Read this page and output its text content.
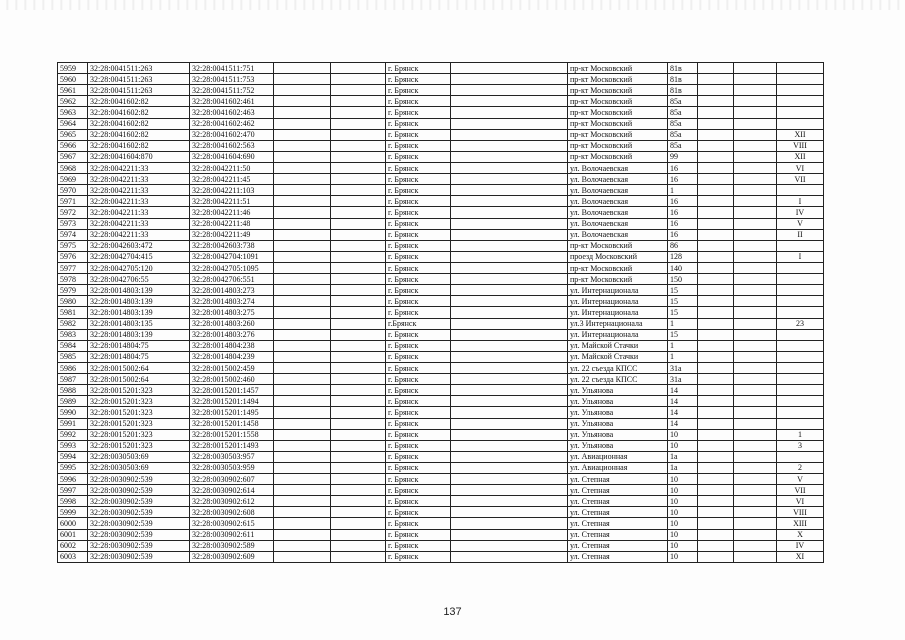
5959	32:28:0041511:263	32:28:0041511:751			г. Брянск		пр-кт Московский	81в			
5960	32:28:0041511:263	32:28:0041511:753			г. Брянск		пр-кт Московский	81в			
5961	32:28:0041511:263	32:28:0041511:752			г. Брянск		пр-кт Московский	81в			
5962	32:28:0041602:82	32:28:0041602:461			г. Брянск		пр-кт Московский	85а			
5963	32:28:0041602:82	32:28:0041602:463			г. Брянск		пр-кт Московский	85а			
5964	32:28:0041602:82	32:28:0041602:462			г. Брянск		пр-кт Московский	85а			
5965	32:28:0041602:82	32:28:0041602:470			г. Брянск		пр-кт Московский	85а			XII
5966	32:28:0041602:82	32:28:0041602:563			г. Брянск		пр-кт Московский	85а			VIII
5967	32:28:0041604:870	32:28:0041604:690			г. Брянск		пр-кт Московский	99			XII
5968	32:28:0042211:33	32:28:0042211:50			г. Брянск		ул. Волочаевская	16			VI
5969	32:28:0042211:33	32:28:0042211:45			г. Брянск		ул. Волочаевская	16			VII
5970	32:28:0042211:33	32:28:0042211:103			г. Брянск		ул. Волочаевская	1			
5971	32:28:0042211:33	32:28:0042211:51			г. Брянск		ул. Волочаевская	16			I
5972	32:28:0042211:33	32:28:0042211:46			г. Брянск		ул. Волочаевская	16			IV
5973	32:28:0042211:33	32:28:0042211:48			г. Брянск		ул. Волочаевская	16			V
5974	32:28:0042211:33	32:28:0042211:49			г. Брянск		ул. Волочаевская	16			II
5975	32:28:0042603:472	32:28:0042603:738			г. Брянск		пр-кт Московский	86			
5976	32:28:0042704:415	32:28:0042704:1091			г. Брянск		проезд Московский	128			I
5977	32:28:0042705:120	32:28:0042705:1095			г. Брянск		пр-кт Московский	140			
5978	32:28:0042706:55	32:28:0042706:551			г. Брянск		пр-кт Московский	150			
5979	32:28:0014803:139	32:28:0014803:273			г. Брянск		ул. Интернационала	15			
5980	32:28:0014803:139	32:28:0014803:274			г. Брянск		ул. Интернационала	15			
5981	32:28:0014803:139	32:28:0014803:275			г. Брянск		ул. Интернационала	15			
5982	32:28:0014803:135	32:28:0014803:260			г.Брянск		ул.3 Интернационала	1			23
5983	32:28:0014803:139	32:28:0014803:276			г. Брянск		ул. Интернационала	15			
5984	32:28:0014804:75	32:28:0014804:238			г. Брянск		ул. Майской Стачки	1			
5985	32:28:0014804:75	32:28:0014804:239			г. Брянск		ул. Майской Стачки	1			
5986	32:28:0015002:64	32:28:0015002:459			г. Брянск		ул. 22 съезда КПСС	31а			
5987	32:28:0015002:64	32:28:0015002:460			г. Брянск		ул. 22 съезда КПСС	31а			
5988	32:28:0015201:323	32:28:0015201:1457			г. Брянск		ул. Ульянова	14			
5989	32:28:0015201:323	32:28:0015201:1494			г. Брянск		ул. Ульянова	14			
5990	32:28:0015201:323	32:28:0015201:1495			г. Брянск		ул. Ульянова	14			
5991	32:28:0015201:323	32:28:0015201:1458			г. Брянск		ул. Ульянова	14			
5992	32:28:0015201:323	32:28:0015201:1558			г. Брянск		ул. Ульянова	10			1
5993	32:28:0015201:323	32:28:0015201:1493			г. Брянск		ул. Ульянова	10			3
5994	32:28:0030503:69	32:28:0030503:957			г. Брянск		ул. Авиационная	1а			
5995	32:28:0030503:69	32:28:0030503:959			г. Брянск		ул. Авиационная	1а			2
5996	32:28:0030902:539	32:28:0030902:607			г. Брянск		ул. Степная	10			V
5997	32:28:0030902:539	32:28:0030902:614			г. Брянск		ул. Степная	10			VII
5998	32:28:0030902:539	32:28:0030902:612			г. Брянск		ул. Степная	10			VI
5999	32:28:0030902:539	32:28:0030902:608			г. Брянск		ул. Степная	10			VIII
6000	32:28:0030902:539	32:28:0030902:615			г. Брянск		ул. Степная	10			XIII
6001	32:28:0030902:539	32:28:0030902:611			г. Брянск		ул. Степная	10			X
6002	32:28:0030902:539	32:28:0030902:589			г. Брянск		ул. Степная	10			IV
6003	32:28:0030902:539	32:28:0030902:609			г. Брянск		ул. Степная	10			XI
137
